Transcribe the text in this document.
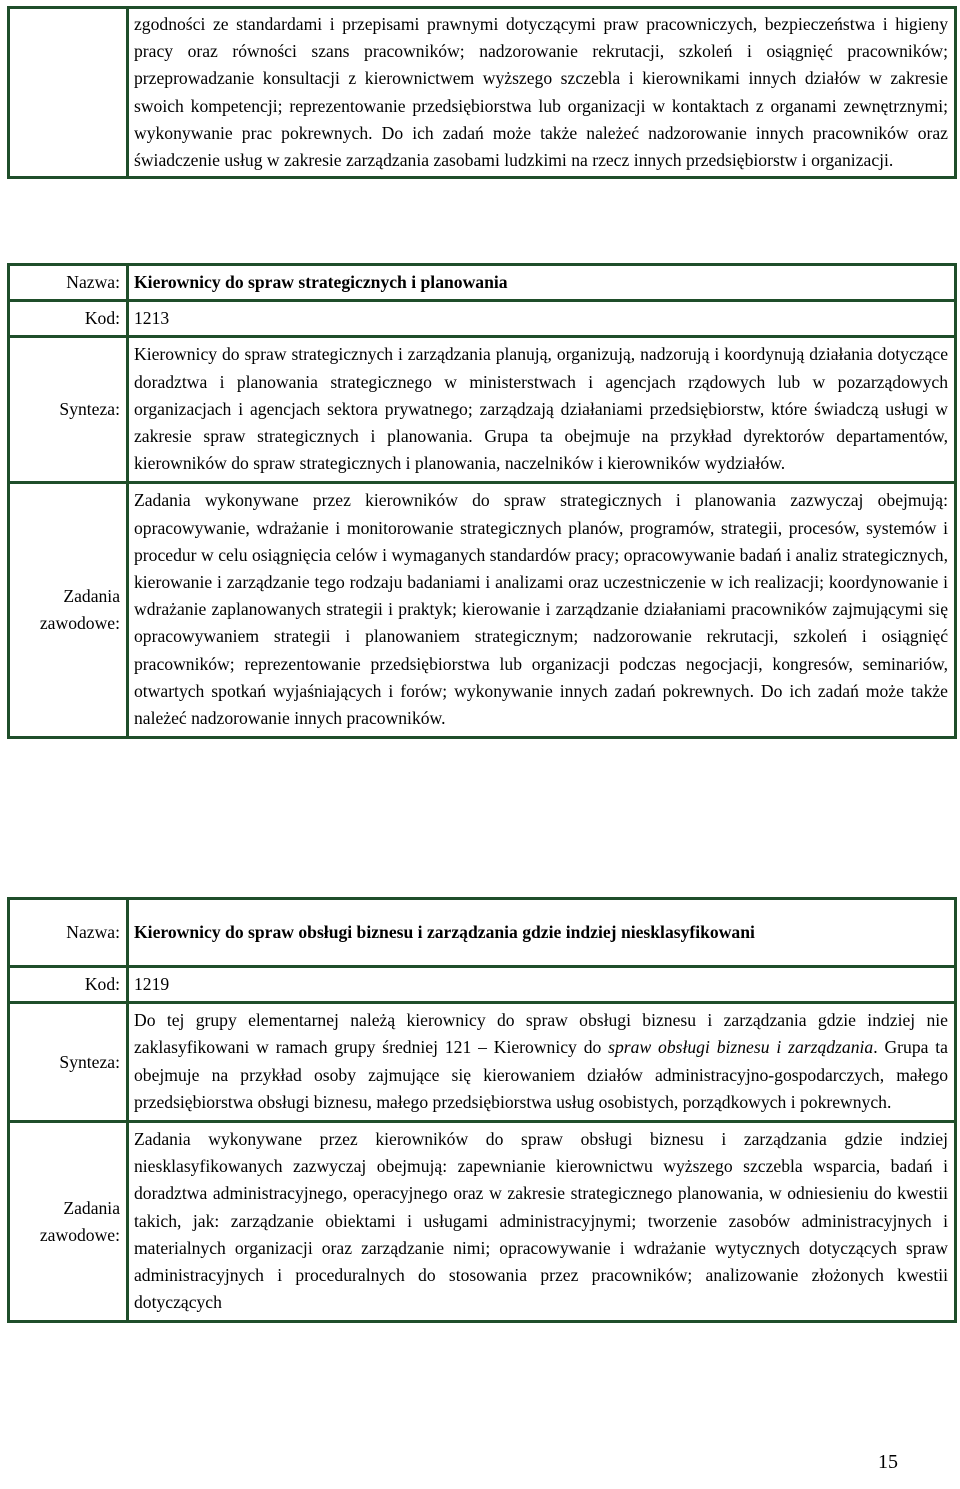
	zgodności ze standardami i przepisami prawnymi dotyczącymi praw pracowniczych, bezpieczeństwa i higieny pracy oraz równości szans pracowników; nadzorowanie rekrutacji, szkoleń i osiągnięć pracowników; przeprowadzanie konsultacji z kierownictwem wyższego szczebla i kierownikami innych działów w zakresie swoich kompetencji; reprezentowanie przedsiębiorstwa lub organizacji w kontaktach z organami zewnętrznymi; wykonywanie prac pokrewnych. Do ich zadań może także należeć nadzorowanie innych pracowników oraz świadczenie usług w zakresie zarządzania zasobami ludzkimi na rzecz innych przedsiębiorstw i organizacji.
Nazwa:	Kierownicy do spraw strategicznych i planowania
Kod:	1213
Synteza:	Kierownicy do spraw strategicznych i zarządzania planują, organizują, nadzorują i koordynują działania dotyczące doradztwa i planowania strategicznego w ministerstwach i agencjach rządowych lub w pozarządowych organizacjach i agencjach sektora prywatnego; zarządzają działaniami przedsiębiorstw, które świadczą usługi w zakresie spraw strategicznych i planowania. Grupa ta obejmuje na przykład dyrektorów departamentów, kierowników do spraw strategicznych i planowania, naczelników i kierowników wydziałów.
Zadania
zawodowe:	Zadania wykonywane przez kierowników do spraw strategicznych i planowania zazwyczaj obejmują: opracowywanie, wdrażanie i monitorowanie strategicznych planów, programów, strategii, procesów, systemów i procedur w celu osiągnięcia celów i wymaganych standardów pracy; opracowywanie badań i analiz strategicznych, kierowanie i zarządzanie tego rodzaju badaniami i analizami oraz uczestniczenie w ich realizacji; koordynowanie i wdrażanie zaplanowanych strategii i praktyk; kierowanie i zarządzanie działaniami pracowników zajmującymi się opracowywaniem strategii i planowaniem strategicznym; nadzorowanie rekrutacji, szkoleń i osiągnięć pracowników; reprezentowanie przedsiębiorstwa lub organizacji podczas negocjacji, kongresów, seminariów, otwartych spotkań wyjaśniających i forów; wykonywanie innych zadań pokrewnych. Do ich zadań może także należeć nadzorowanie innych pracowników.
Nazwa:	Kierownicy do spraw obsługi biznesu i zarządzania gdzie indziej niesklasyfikowani
Kod:	1219
Synteza:	Do tej grupy elementarnej należą kierownicy do spraw obsługi biznesu i zarządzania gdzie indziej nie zaklasyfikowani w ramach grupy średniej 121 – Kierownicy do spraw obsługi biznesu i zarządzania. Grupa ta obejmuje na przykład osoby zajmujące się kierowaniem działów administracyjno-gospodarczych, małego przedsiębiorstwa obsługi biznesu, małego przedsiębiorstwa usług osobistych, porządkowych i pokrewnych.
Zadania
zawodowe:	Zadania wykonywane przez kierowników do spraw obsługi biznesu i zarządzania gdzie indziej niesklasyfikowanych zazwyczaj obejmują: zapewnianie kierownictwu wyższego szczebla wsparcia, badań i doradztwa administracyjnego, operacyjnego oraz w zakresie strategicznego planowania, w odniesieniu do kwestii takich, jak: zarządzanie obiektami i usługami administracyjnymi; tworzenie zasobów administracyjnych i materialnych organizacji oraz zarządzanie nimi; opracowywanie i wdrażanie wytycznych dotyczących spraw administracyjnych i proceduralnych do stosowania przez pracowników; analizowanie złożonych kwestii dotyczących
15
